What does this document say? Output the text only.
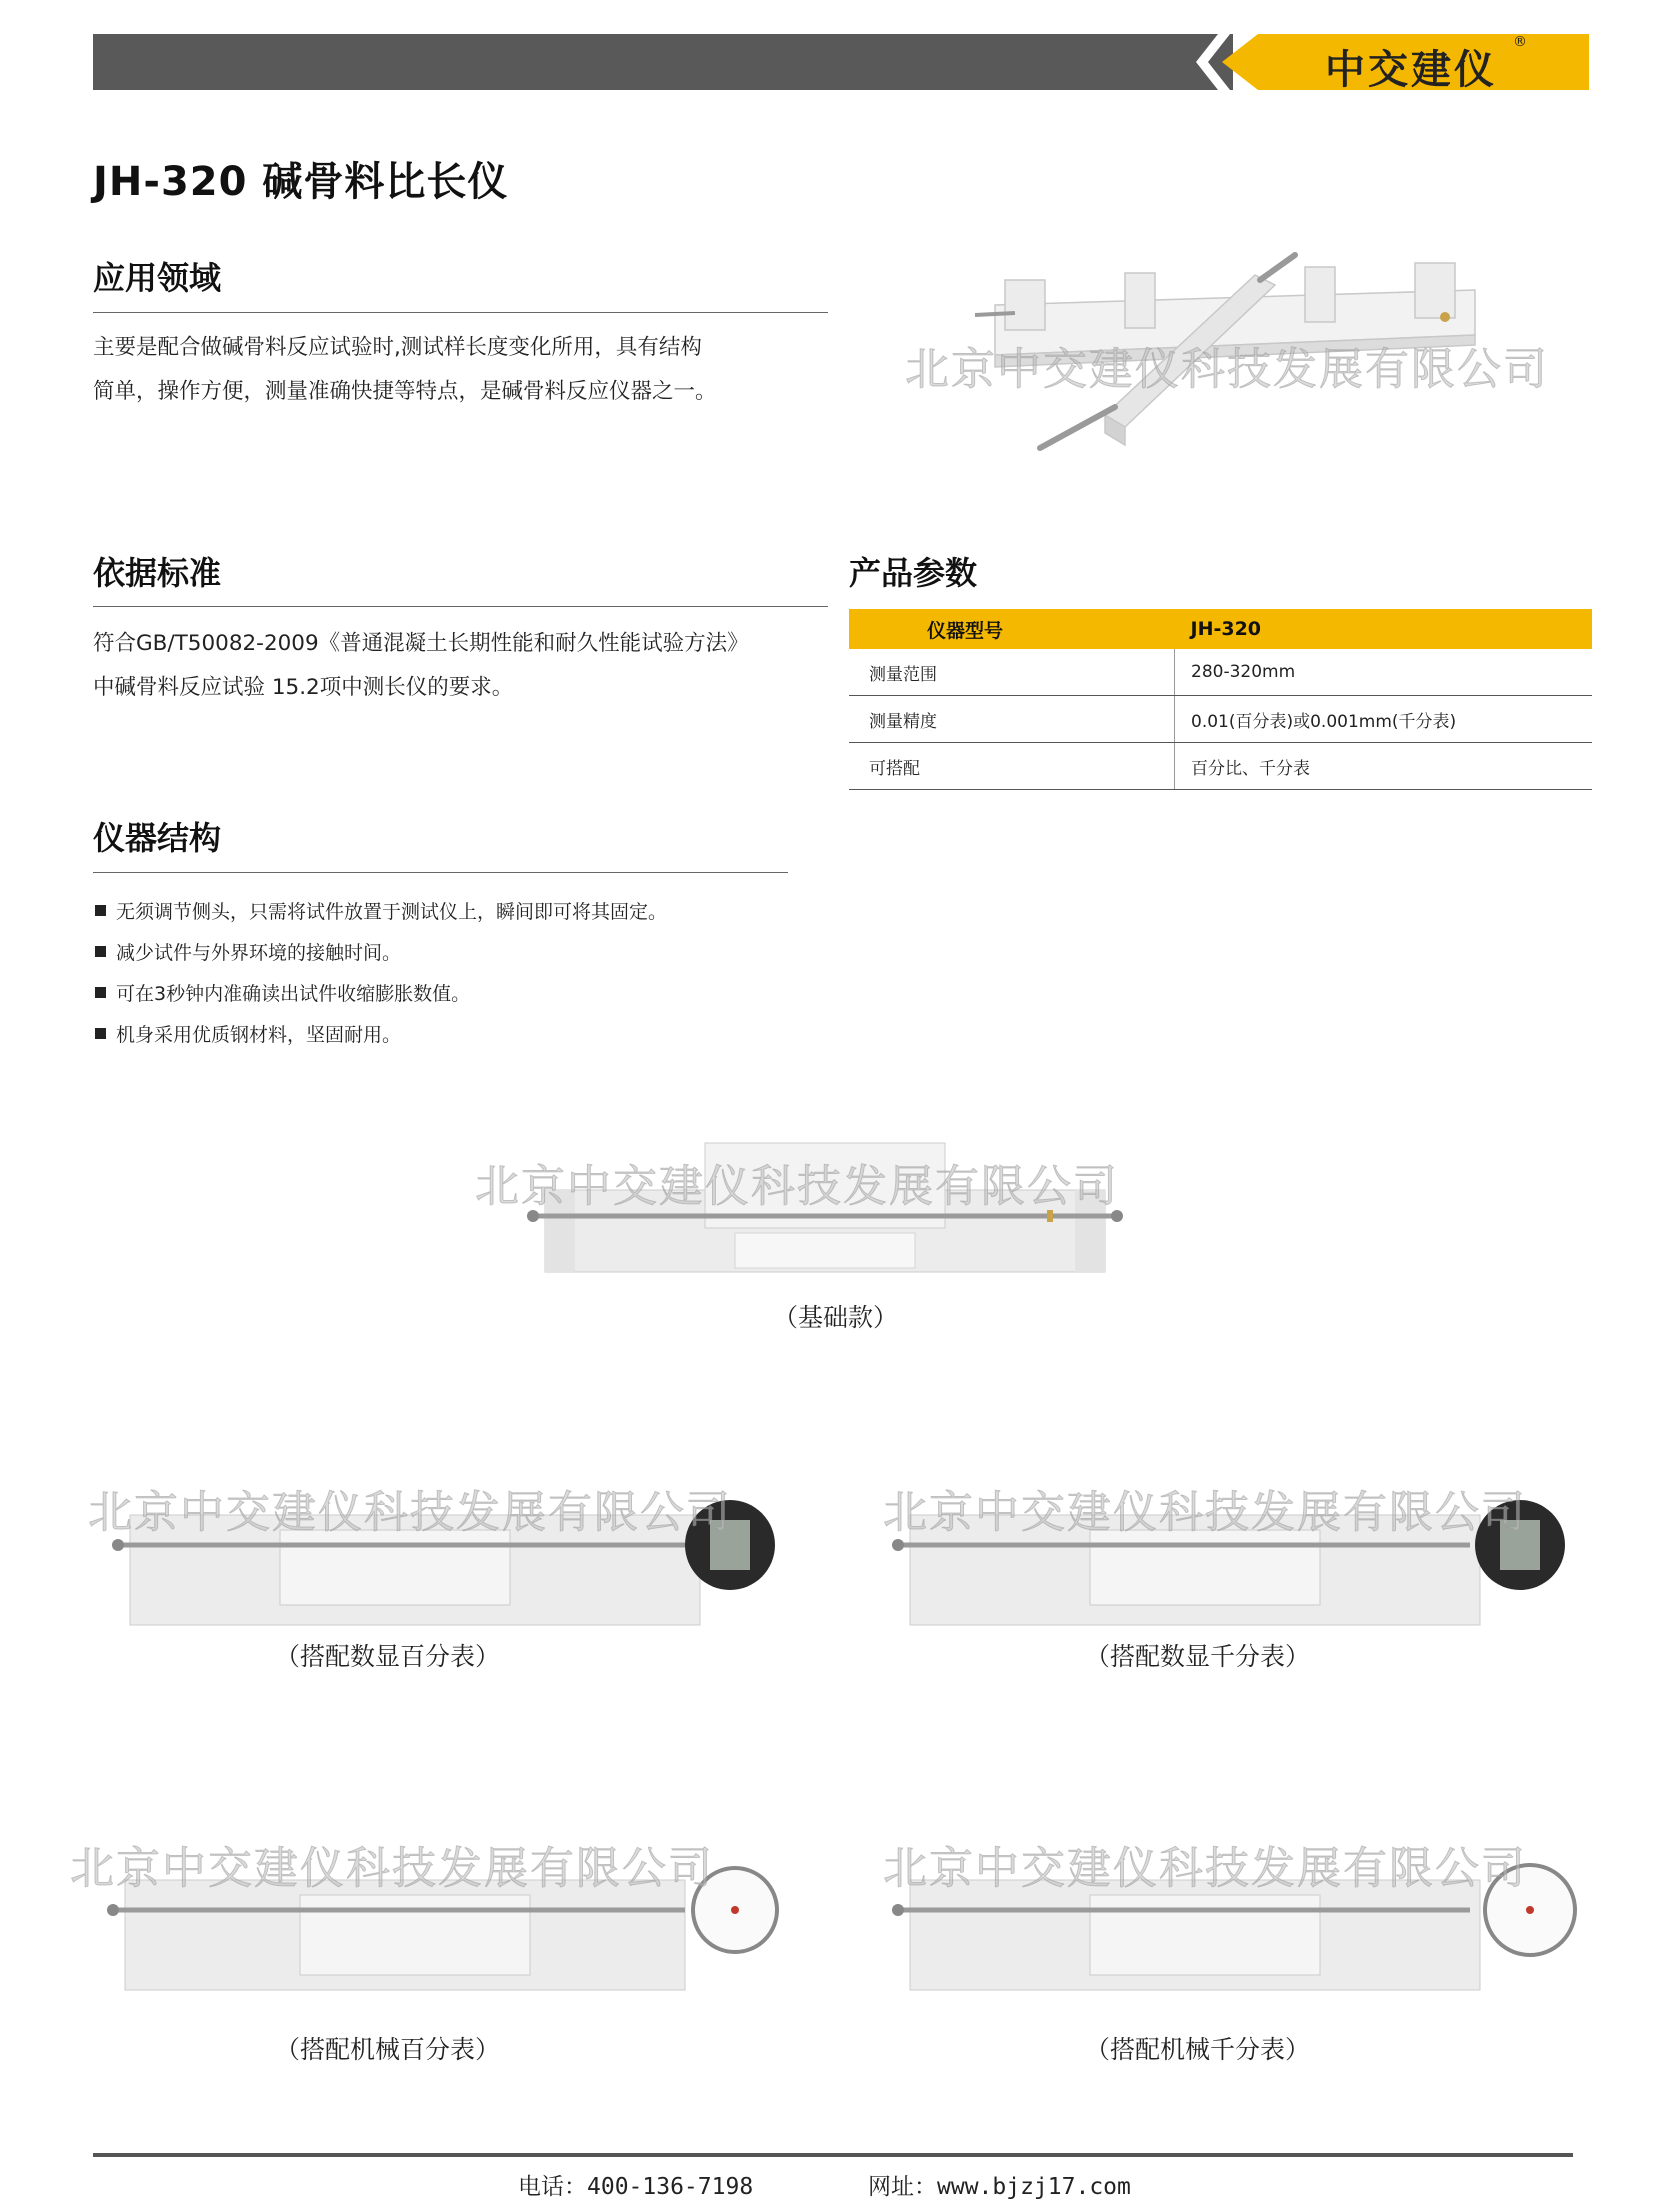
中交建仪
®
JH-320 碱骨料比长仪
应用领域
主要是配合做碱骨料反应试验时,测试样长度变化所用，具有结构
简单，操作方便，测量准确快捷等特点，是碱骨料反应仪器之一。	北京中交建仪科技发展有限公司
依据标准
符合GB/T50082-2009《普通混凝土长期性能和耐久性能试验方法》
中碱骨料反应试验 15.2项中测长仪的要求。
产品参数
仪器型号	JH-320
测量范围	280-320mm
测量精度	0.01(百分表)或0.001mm(千分表)
可搭配	百分比、千分表
仪器结构
无须调节侧头，只需将试件放置于测试仪上，瞬间即可将其固定。
减少试件与外界环境的接触时间。
可在3秒钟内准确读出试件收缩膨胀数值。
机身采用优质钢材料，坚固耐用。
北京中交建仪科技发展有限公司
（基础款）
北京中交建仪科技发展有限公司
（搭配数显百分表）
北京中交建仪科技发展有限公司
（搭配数显千分表）
北京中交建仪科技发展有限公司
（搭配机械百分表）
北京中交建仪科技发展有限公司
（搭配机械千分表）
电话：400-136-7198	网址：www.bjzj17.com
